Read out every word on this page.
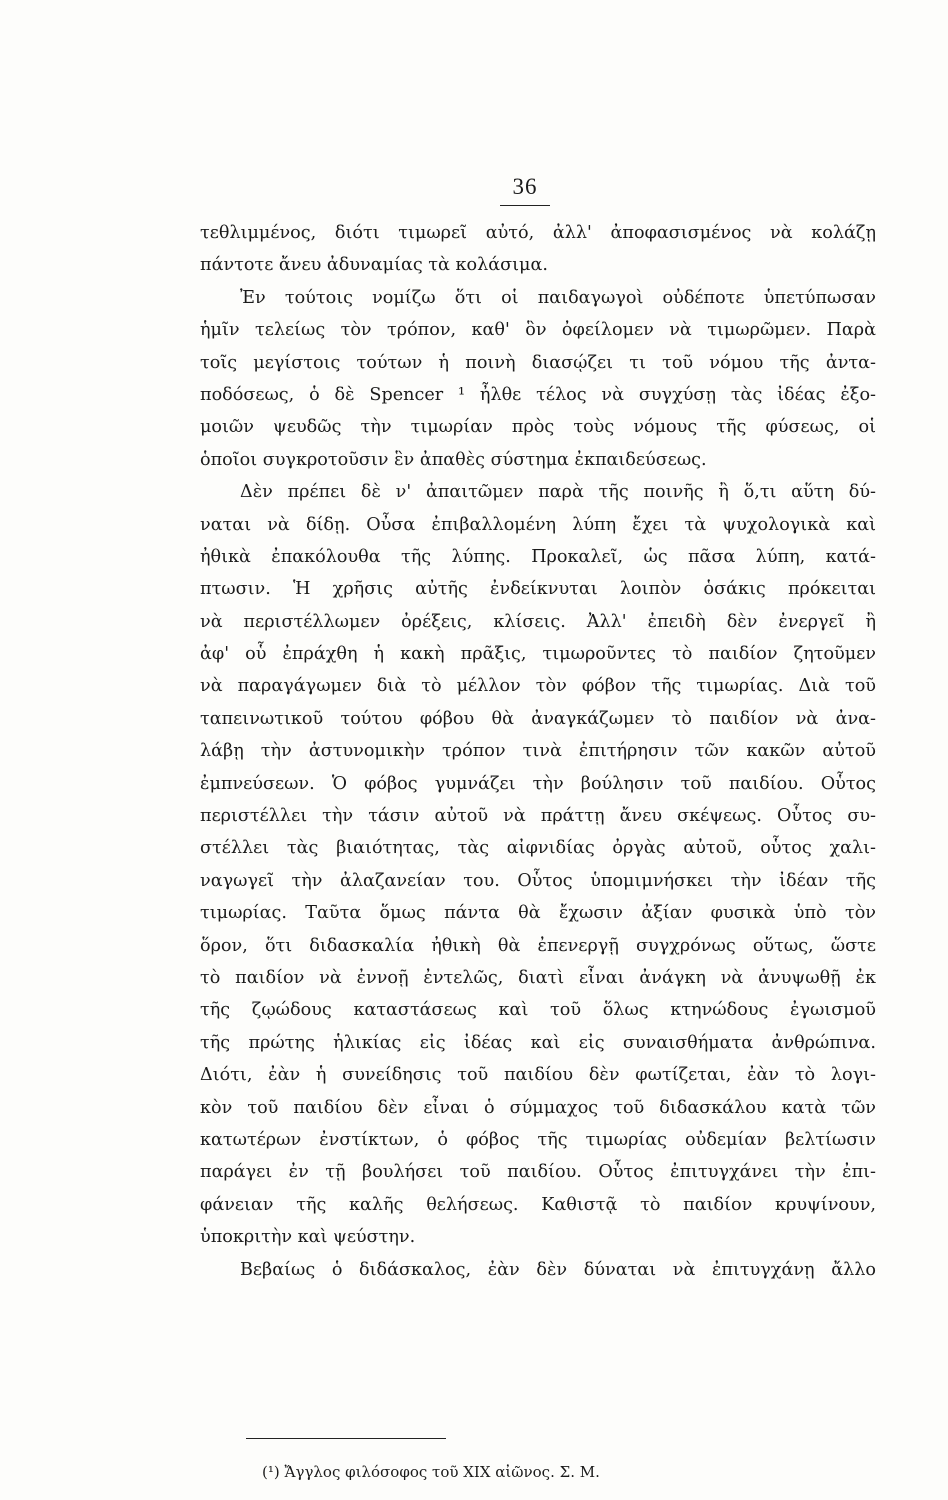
36
τεθλιμμένος, διότι τιμωρεῖ αὐτό, ἀλλ' ἀποφασισμένος νὰ κολάζῃ
πάντοτε ἄνευ ἀδυναμίας τὰ κολάσιμα.
Ἐν τούτοις νομίζω ὅτι οἱ παιδαγωγοὶ οὐδέποτε ὑπετύπωσαν
ἡμῖν τελείως τὸν τρόπον, καθ' ὃν ὀφείλομεν νὰ τιμωρῶμεν. Παρὰ
τοῖς μεγίστοις τούτων ἡ ποινὴ διασῴζει τι τοῦ νόμου τῆς ἀντα-
ποδόσεως, ὁ δὲ Spencer ¹ ἦλθε τέλος νὰ συγχύσῃ τὰς ἰδέας ἐξο-
μοιῶν ψευδῶς τὴν τιμωρίαν πρὸς τοὺς νόμους τῆς φύσεως, οἱ
ὁποῖοι συγκροτοῦσιν ἓν ἀπαθὲς σύστημα ἐκπαιδεύσεως.
Δὲν πρέπει δὲ ν' ἀπαιτῶμεν παρὰ τῆς ποινῆς ἢ ὅ,τι αὕτη δύ-
ναται νὰ δίδῃ. Οὖσα ἐπιβαλλομένη λύπη ἔχει τὰ ψυχολογικὰ καὶ
ἠθικὰ ἐπακόλουθα τῆς λύπης. Προκαλεῖ, ὡς πᾶσα λύπη, κατά-
πτωσιν. Ἡ χρῆσις αὐτῆς ἐνδείκνυται λοιπὸν ὁσάκις πρόκειται
νὰ περιστέλλωμεν ὀρέξεις, κλίσεις. Ἀλλ' ἐπειδὴ δὲν ἐνεργεῖ ἢ
ἀφ' οὗ ἐπράχθη ἡ κακὴ πρᾶξις, τιμωροῦντες τὸ παιδίον ζητοῦμεν
νὰ παραγάγωμεν διὰ τὸ μέλλον τὸν φόβον τῆς τιμωρίας. Διὰ τοῦ
ταπεινωτικοῦ τούτου φόβου θὰ ἀναγκάζωμεν τὸ παιδίον νὰ ἀνα-
λάβῃ τὴν ἀστυνομικὴν τρόπον τινὰ ἐπιτήρησιν τῶν κακῶν αὐτοῦ
ἐμπνεύσεων. Ὁ φόβος γυμνάζει τὴν βούλησιν τοῦ παιδίου. Οὗτος
περιστέλλει τὴν τάσιν αὐτοῦ νὰ πράττῃ ἄνευ σκέψεως. Οὗτος συ-
στέλλει τὰς βιαιότητας, τὰς αἰφνιδίας ὀργὰς αὐτοῦ, οὗτος χαλι-
ναγωγεῖ τὴν ἀλαζανείαν του. Οὗτος ὑπομιμνήσκει τὴν ἰδέαν τῆς
τιμωρίας. Ταῦτα ὅμως πάντα θὰ ἔχωσιν ἀξίαν φυσικὰ ὑπὸ τὸν
ὅρον, ὅτι διδασκαλία ἠθικὴ θὰ ἐπενεργῇ συγχρόνως οὕτως, ὥστε
τὸ παιδίον νὰ ἐννοῇ ἐντελῶς, διατὶ εἶναι ἀνάγκη νὰ ἀνυψωθῇ ἐκ
τῆς ζῳώδους καταστάσεως καὶ τοῦ ὅλως κτηνώδους ἐγωισμοῦ
τῆς πρώτης ἡλικίας εἰς ἰδέας καὶ εἰς συναισθήματα ἀνθρώπινα.
Διότι, ἐὰν ἡ συνείδησις τοῦ παιδίου δὲν φωτίζεται, ἐὰν τὸ λογι-
κὸν τοῦ παιδίου δὲν εἶναι ὁ σύμμαχος τοῦ διδασκάλου κατὰ τῶν
κατωτέρων ἐνστίκτων, ὁ φόβος τῆς τιμωρίας οὐδεμίαν βελτίωσιν
παράγει ἐν τῇ βουλήσει τοῦ παιδίου. Οὗτος ἐπιτυγχάνει τὴν ἐπι-
φάνειαν τῆς καλῆς θελήσεως. Καθιστᾷ τὸ παιδίον κρυψίνουν,
ὑποκριτὴν καὶ ψεύστην.
Βεβαίως ὁ διδάσκαλος, ἐὰν δὲν δύναται νὰ ἐπιτυγχάνῃ ἄλλο
(¹) Ἄγγλος φιλόσοφος τοῦ XIX αἰῶνος. Σ. Μ.
